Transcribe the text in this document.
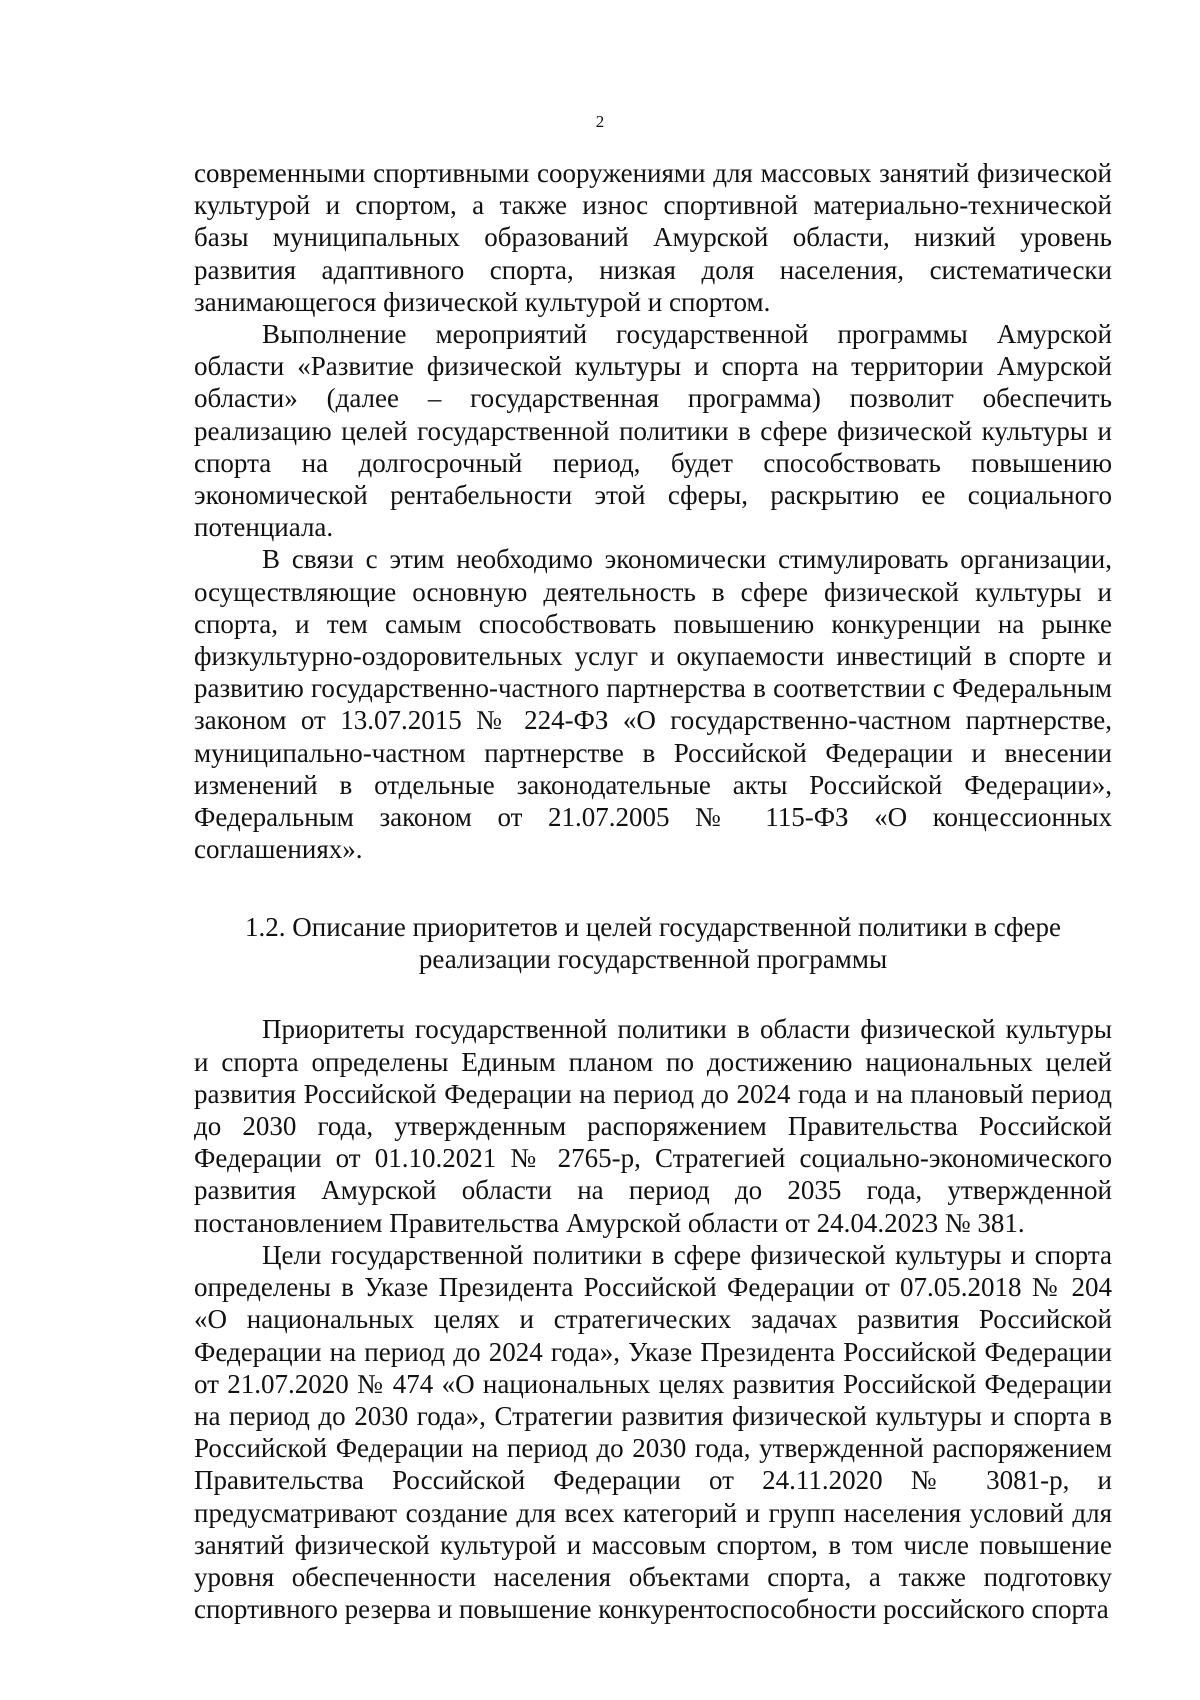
2

современными спортивными сооружениями для массовых занятий физической культурой и спортом, а также износ спортивной материально-технической базы муниципальных образований Амурской области, низкий уровень развития адаптивного спорта, низкая доля населения, систематически занимающегося физической культурой и спортом.

Выполнение мероприятий государственной программы Амурской области «Развитие физической культуры и спорта на территории Амурской области» (далее – государственная программа) позволит обеспечить реализацию целей государственной политики в сфере физической культуры и спорта на долгосрочный период, будет способствовать повышению экономической рентабельности этой сферы, раскрытию ее социального потенциала.

В связи с этим необходимо экономически стимулировать организации, осуществляющие основную деятельность в сфере физической культуры и спорта, и тем самым способствовать повышению конкуренции на рынке физкультурно-оздоровительных услуг и окупаемости инвестиций в спорте и развитию государственно-частного партнерства в соответствии с Федеральным законом от 13.07.2015 № 224-ФЗ «О государственно-частном партнерстве, муниципально-частном партнерстве в Российской Федерации и внесении изменений в отдельные законодательные акты Российской Федерации», Федеральным законом от 21.07.2005 № 115-ФЗ «О концессионных соглашениях».

1.2. Описание приоритетов и целей государственной политики в сфере
реализации государственной программы

Приоритеты государственной политики в области физической культуры и спорта определены Единым планом по достижению национальных целей развития Российской Федерации на период до 2024 года и на плановый период до 2030 года, утвержденным распоряжением Правительства Российской Федерации от 01.10.2021 № 2765-р, Стратегией социально-экономического развития Амурской области на период до 2035 года, утвержденной постановлением Правительства Амурской области от 24.04.2023 № 381.

Цели государственной политики в сфере физической культуры и спорта определены в Указе Президента Российской Федерации от 07.05.2018 № 204 «О национальных целях и стратегических задачах развития Российской Федерации на период до 2024 года», Указе Президента Российской Федерации от 21.07.2020 № 474 «О национальных целях развития Российской Федерации на период до 2030 года», Стратегии развития физической культуры и спорта в Российской Федерации на период до 2030 года, утвержденной распоряжением Правительства Российской Федерации от 24.11.2020 № 3081-р, и предусматривают создание для всех категорий и групп населения условий для занятий физической культурой и массовым спортом, в том числе повышение уровня обеспеченности населения объектами спорта, а также подготовку спортивного резерва и повышение конкурентоспособности российского спорта
